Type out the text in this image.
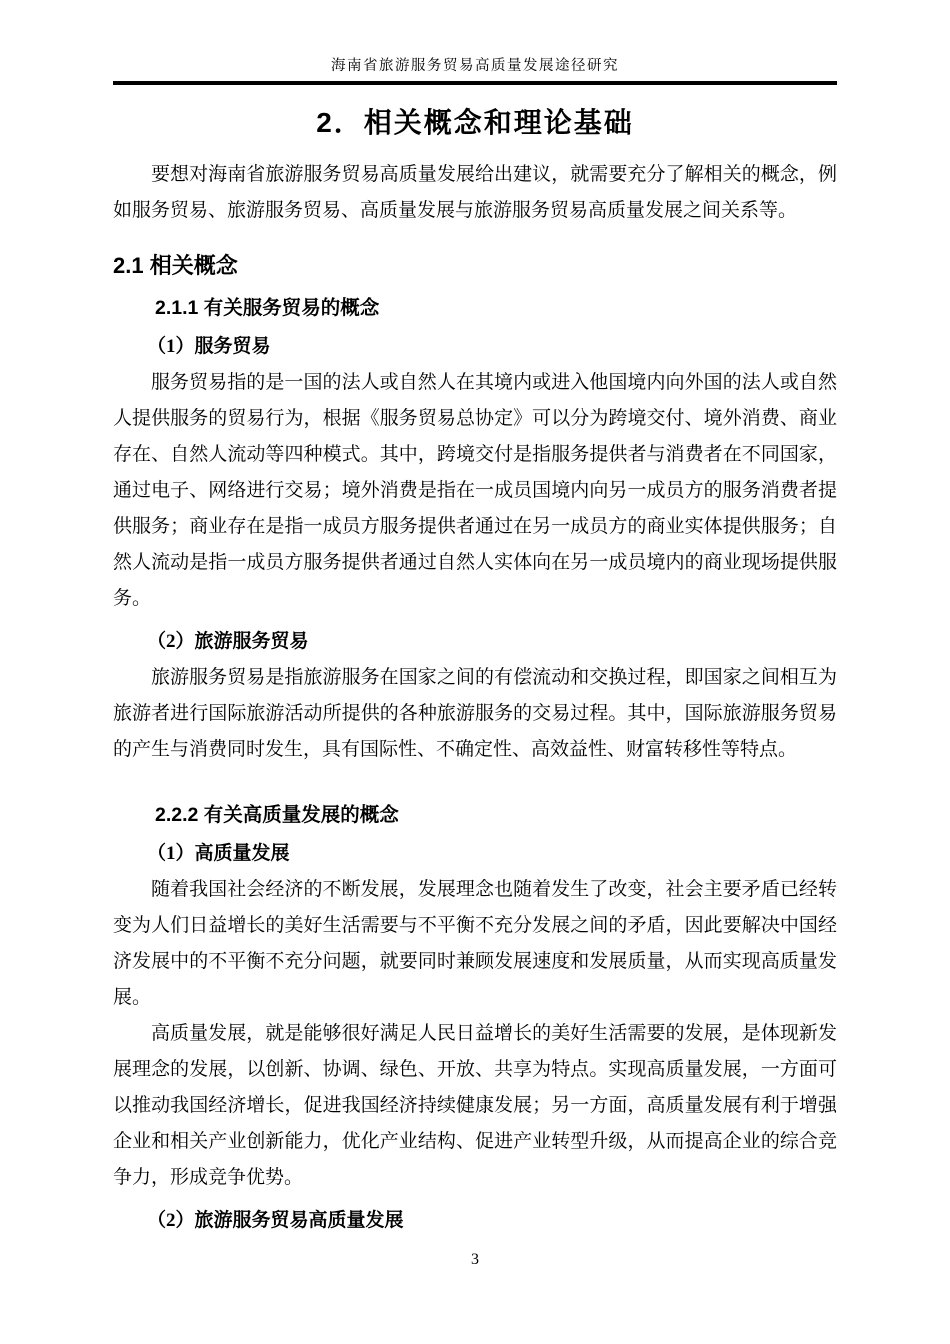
海南省旅游服务贸易高质量发展途径研究
2．相关概念和理论基础

要想对海南省旅游服务贸易高质量发展给出建议，就需要充分了解相关的概念，例如服务贸易、旅游服务贸易、高质量发展与旅游服务贸易高质量发展之间关系等。

2.1 相关概念
2.1.1 有关服务贸易的概念
（1）服务贸易

服务贸易指的是一国的法人或自然人在其境内或进入他国境内向外国的法人或自然人提供服务的贸易行为，根据《服务贸易总协定》可以分为跨境交付、境外消费、商业存在、自然人流动等四种模式。其中，跨境交付是指服务提供者与消费者在不同国家，通过电子、网络进行交易；境外消费是指在一成员国境内向另一成员方的服务消费者提供服务；商业存在是指一成员方服务提供者通过在另一成员方的商业实体提供服务；自然人流动是指一成员方服务提供者通过自然人实体向在另一成员境内的商业现场提供服务。

（2）旅游服务贸易

旅游服务贸易是指旅游服务在国家之间的有偿流动和交换过程，即国家之间相互为旅游者进行国际旅游活动所提供的各种旅游服务的交易过程。其中，国际旅游服务贸易的产生与消费同时发生，具有国际性、不确定性、高效益性、财富转移性等特点。

2.2.2 有关高质量发展的概念
（1）高质量发展

随着我国社会经济的不断发展，发展理念也随着发生了改变，社会主要矛盾已经转变为人们日益增长的美好生活需要与不平衡不充分发展之间的矛盾，因此要解决中国经济发展中的不平衡不充分问题，就要同时兼顾发展速度和发展质量，从而实现高质量发展。

高质量发展，就是能够很好满足人民日益增长的美好生活需要的发展，是体现新发展理念的发展，以创新、协调、绿色、开放、共享为特点。实现高质量发展，一方面可以推动我国经济增长，促进我国经济持续健康发展；另一方面，高质量发展有利于增强企业和相关产业创新能力，优化产业结构、促进产业转型升级，从而提高企业的综合竞争力，形成竞争优势。

（2）旅游服务贸易高质量发展
3
